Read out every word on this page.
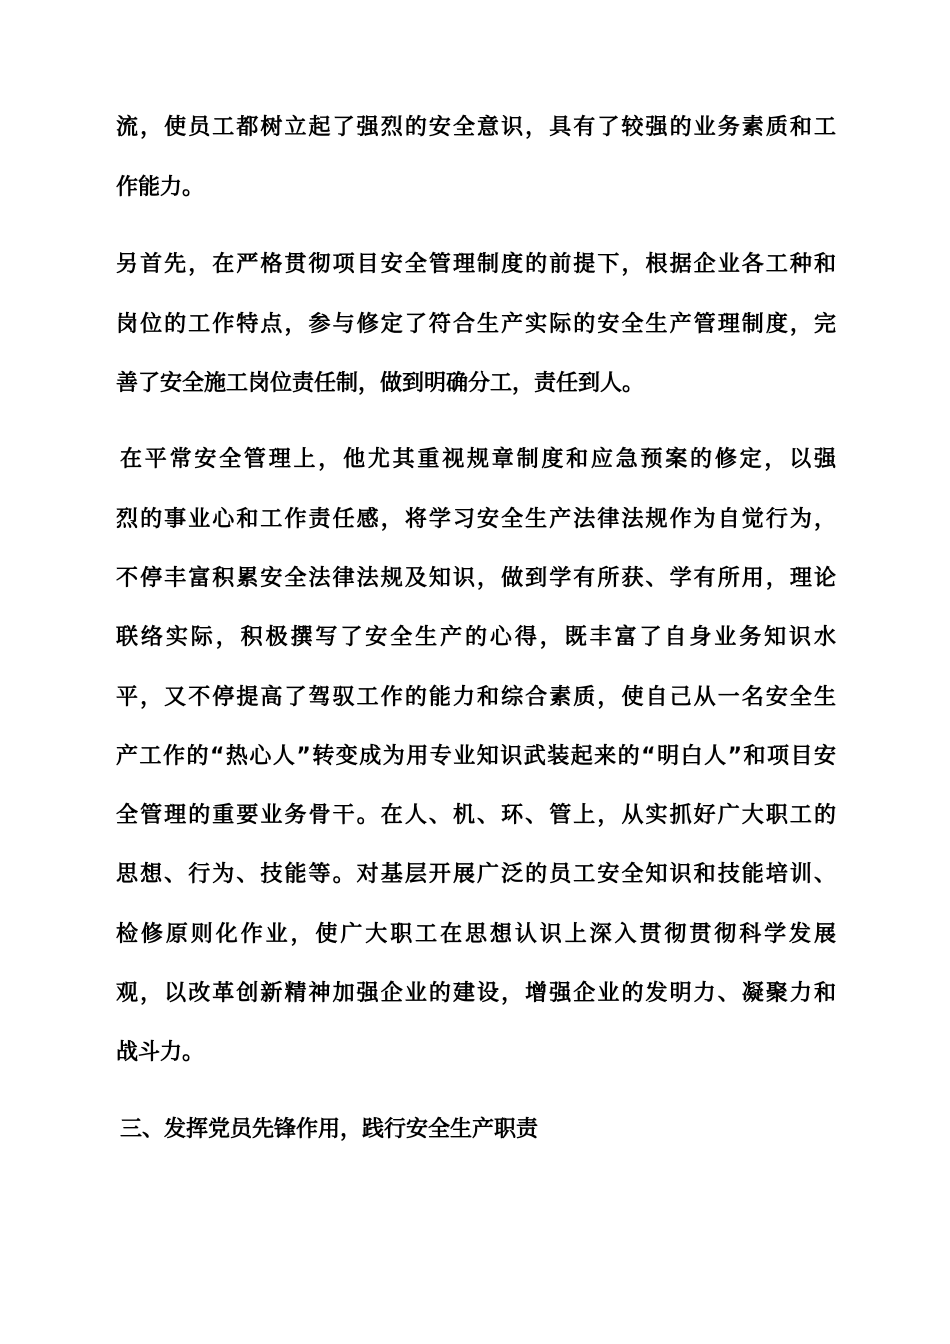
流，使员工都树立起了强烈的安全意识，具有了较强的业务素质和工
作能力。
另首先，在严格贯彻项目安全管理制度的前提下，根据企业各工种和
岗位的工作特点，参与修定了符合生产实际的安全生产管理制度，完
善了安全施工岗位责任制，做到明确分工，责任到人。
在平常安全管理上，他尤其重视规章制度和应急预案的修定，以强
烈的事业心和工作责任感，将学习安全生产法律法规作为自觉行为，
不停丰富积累安全法律法规及知识，做到学有所获、学有所用，理论
联络实际，积极撰写了安全生产的心得，既丰富了自身业务知识水
平，又不停提高了驾驭工作的能力和综合素质，使自己从一名安全生
产工作的“热心人”转变成为用专业知识武装起来的“明白人”和项目安
全管理的重要业务骨干。在人、机、环、管上，从实抓好广大职工的
思想、行为、技能等。对基层开展广泛的员工安全知识和技能培训、
检修原则化作业，使广大职工在思想认识上深入贯彻贯彻科学发展
观，以改革创新精神加强企业的建设，增强企业的发明力、凝聚力和
战斗力。
三、发挥党员先锋作用，践行安全生产职责
